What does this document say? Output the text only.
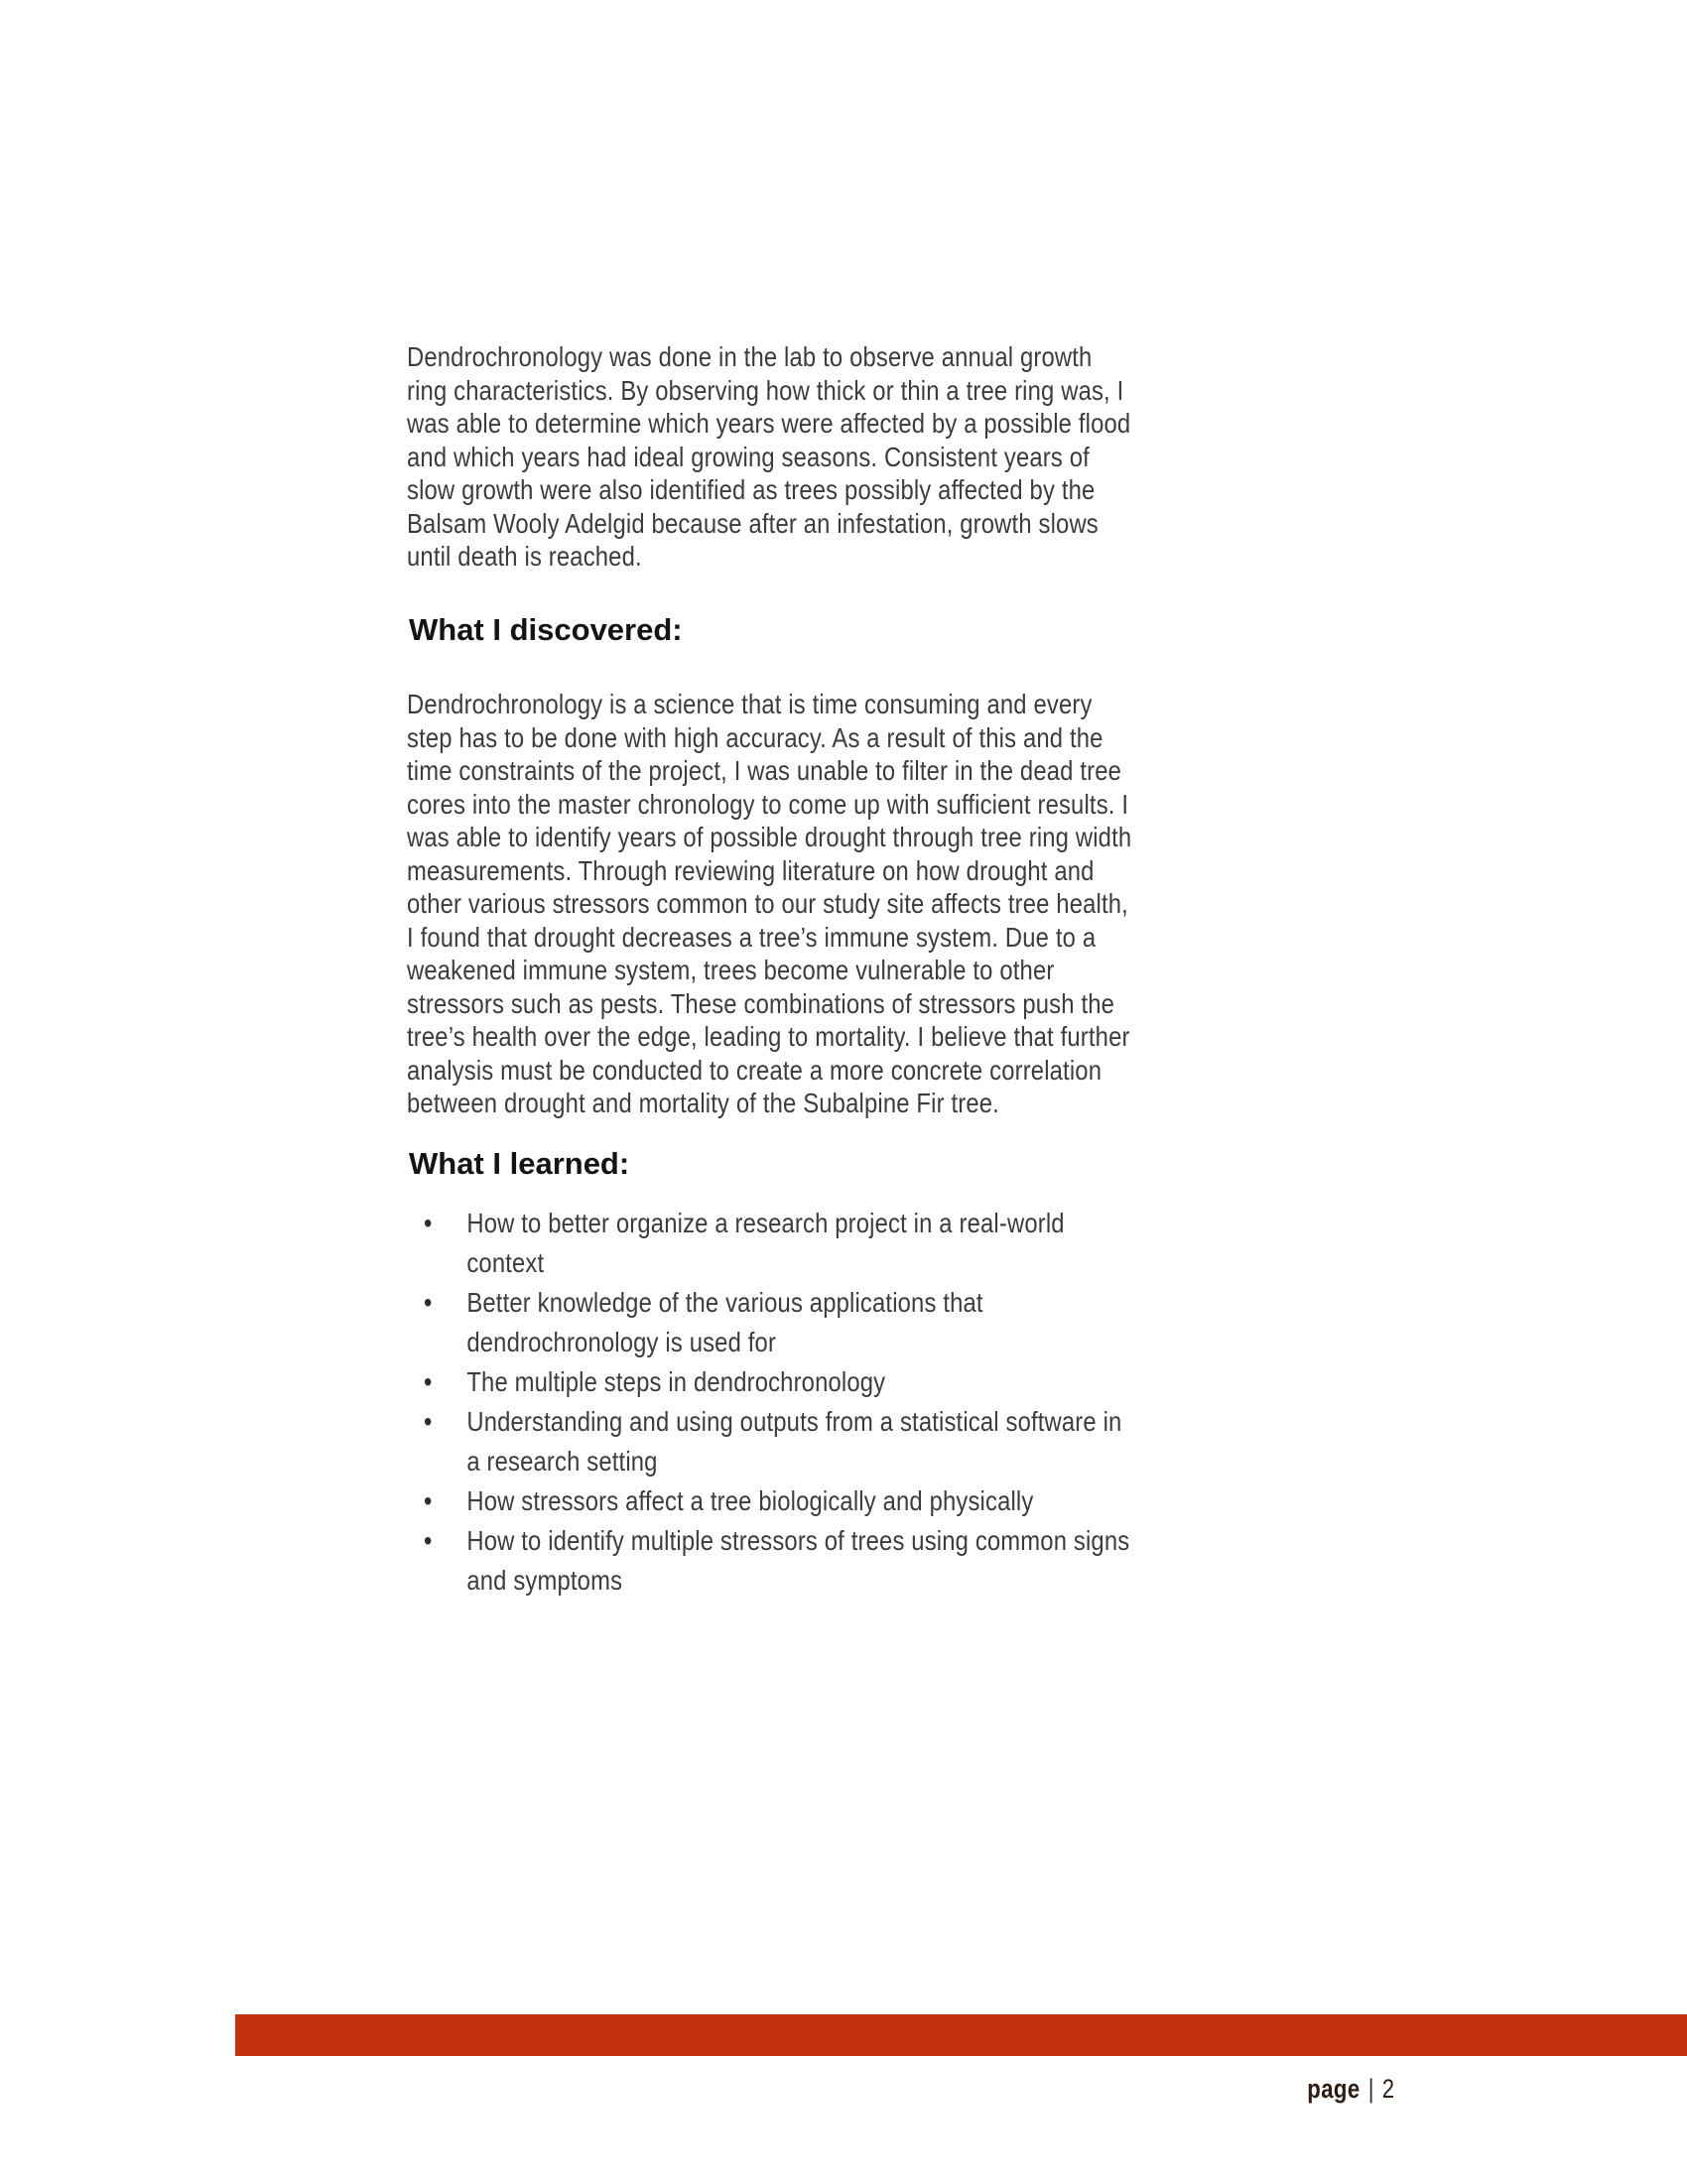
Dendrochronology was done in the lab to observe annual growth ring characteristics. By observing how thick or thin a tree ring was, I was able to determine which years were affected by a possible flood and which years had ideal growing seasons. Consistent years of slow growth were also identified as trees possibly affected by the Balsam Wooly Adelgid because after an infestation, growth slows until death is reached.

What I discovered:

Dendrochronology is a science that is time consuming and every step has to be done with high accuracy. As a result of this and the time constraints of the project, I was unable to filter in the dead tree cores into the master chronology to come up with sufficient results. I was able to identify years of possible drought through tree ring width measurements. Through reviewing literature on how drought and other various stressors common to our study site affects tree health, I found that drought decreases a tree’s immune system. Due to a weakened immune system, trees become vulnerable to other stressors such as pests. These combinations of stressors push the tree’s health over the edge, leading to mortality. I believe that further analysis must be conducted to create a more concrete correlation between drought and mortality of the Subalpine Fir tree.

What I learned:
• How to better organize a research project in a real-world context
• Better knowledge of the various applications that dendrochronology is used for
• The multiple steps in dendrochronology
• Understanding and using outputs from a statistical software in a research setting
• How stressors affect a tree biologically and physically
• How to identify multiple stressors of trees using common signs and symptoms
page | 2
